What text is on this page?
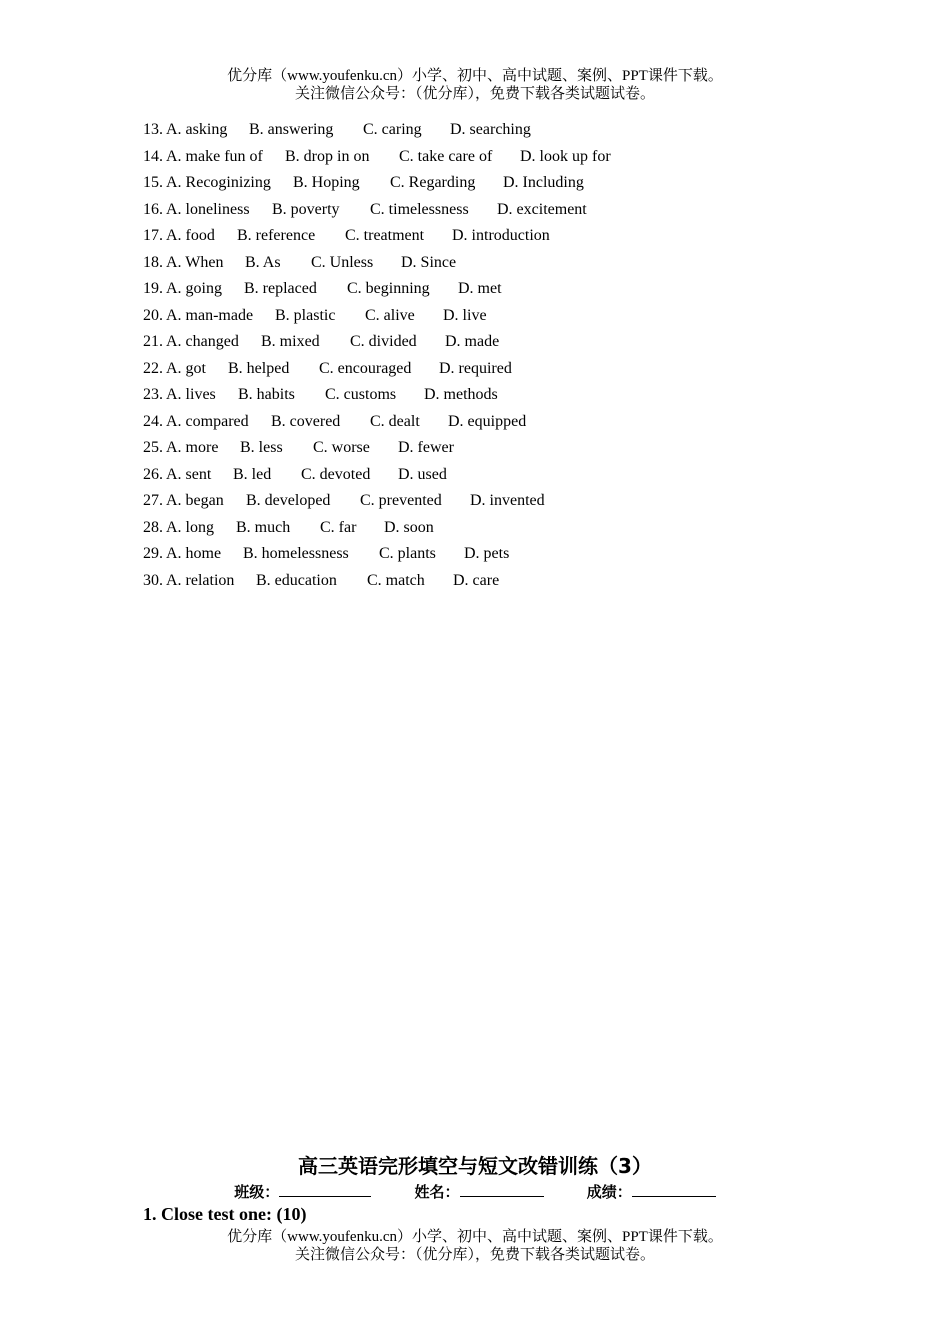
优分库（www.youfenku.cn）小学、初中、高中试题、案例、PPT课件下载。
关注微信公众号：（优分库），免费下载各类试题试卷。
13. A. asking B. answering C. caring D. searching
14. A. make fun of B. drop in on C. take care of D. look up for
15. A. Recoginizing B. Hoping C. Regarding D. Including
16. A. loneliness B. poverty C. timelessness D. excitement
17. A. food B. reference C. treatment D. introduction
18. A. When B. As C. Unless D. Since
19. A. going B. replaced C. beginning D. met
20. A. man-made B. plastic C. alive D. live
21. A. changed B. mixed C. divided D. made
22. A. got B. helped C. encouraged D. required
23. A. lives B. habits C. customs D. methods
24. A. compared B. covered C. dealt D. equipped
25. A. more B. less C. worse D. fewer
26. A. sent B. led C. devoted D. used
27. A. began B. developed C. prevented D. invented
28. A. long B. much C. far D. soon
29. A. home B. homelessness C. plants D. pets
30. A. relation B. education C. match D. care
高三英语完形填空与短文改错训练（3）
班级：	姓名：	成绩：
1. Close test one: (10)
优分库（www.youfenku.cn）小学、初中、高中试题、案例、PPT课件下载。
关注微信公众号：（优分库），免费下载各类试题试卷。
